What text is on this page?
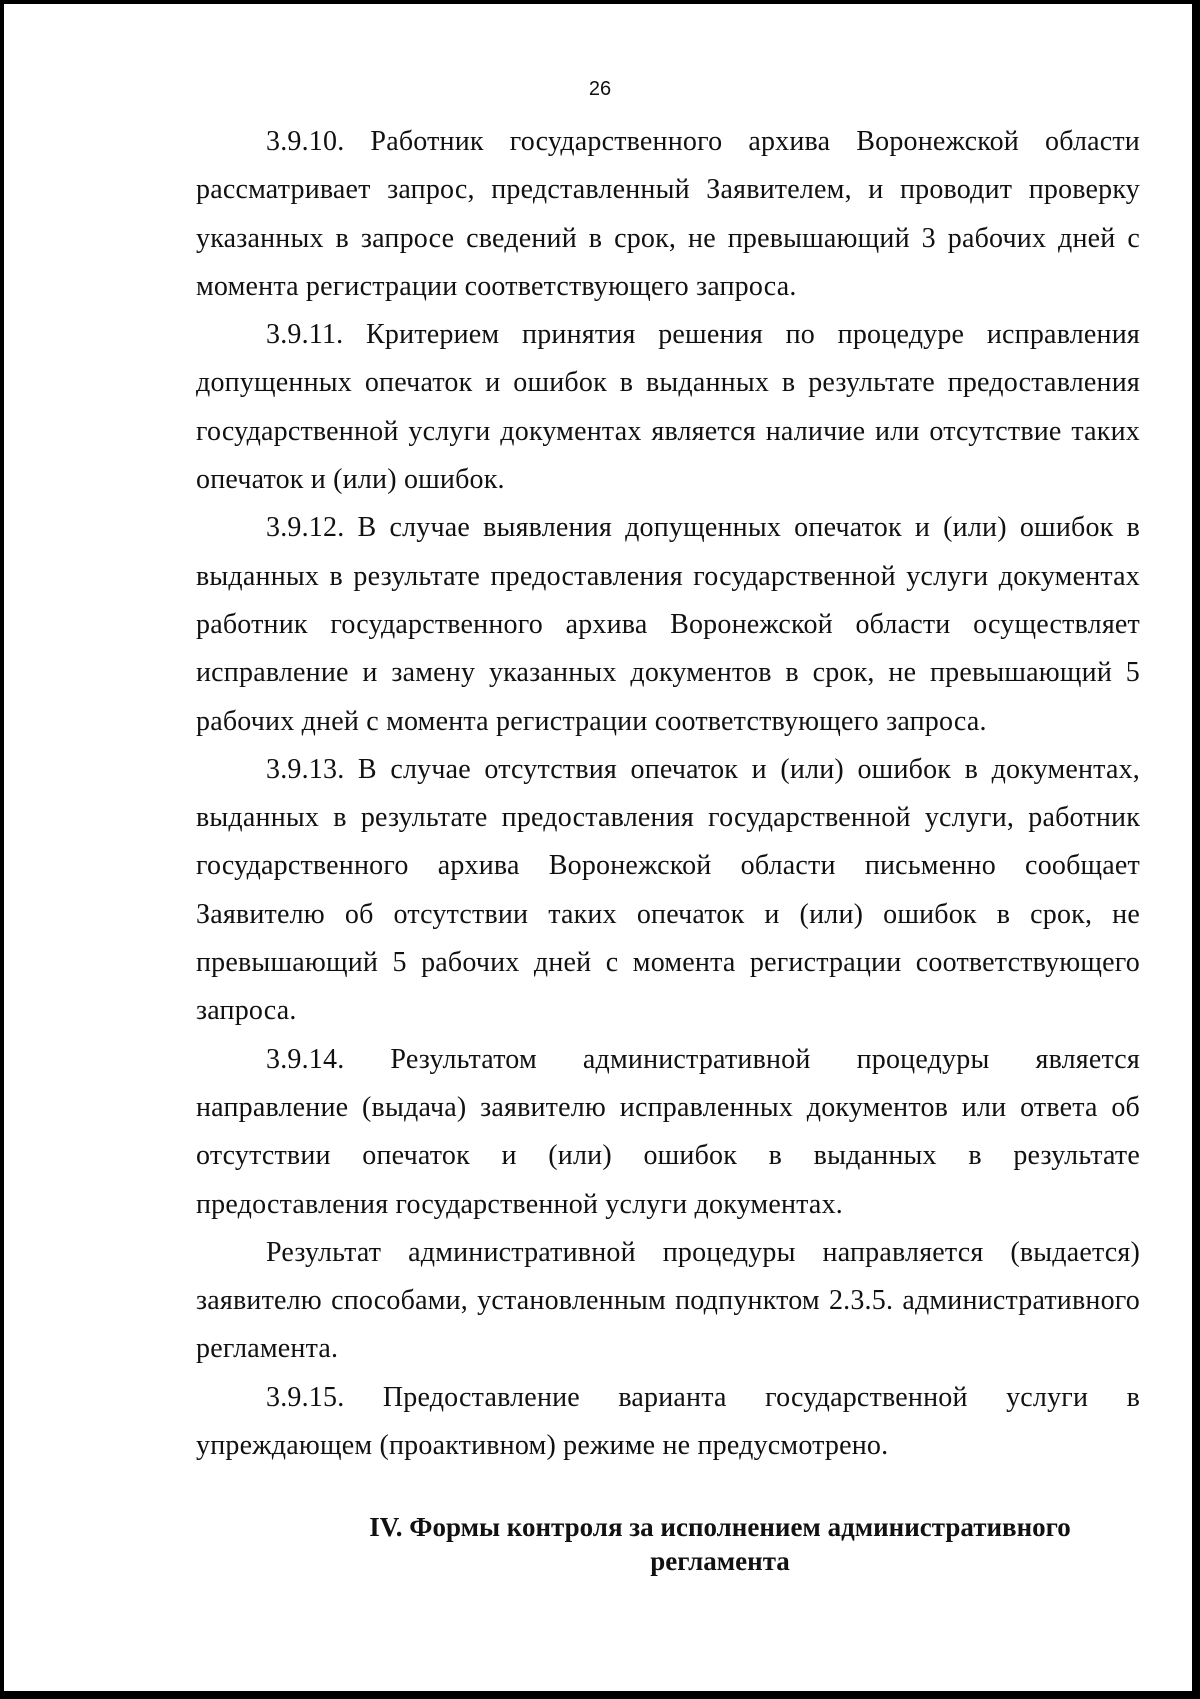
26

3.9.10. Работник государственного архива Воронежской области рассматривает запрос, представленный Заявителем, и проводит проверку указанных в запросе сведений в срок, не превышающий 3 рабочих дней с момента регистрации соответствующего запроса.

3.9.11. Критерием принятия решения по процедуре исправления допущенных опечаток и ошибок в выданных в результате предоставления государственной услуги документах является наличие или отсутствие таких опечаток и (или) ошибок.

3.9.12. В случае выявления допущенных опечаток и (или) ошибок в выданных в результате предоставления государственной услуги документах работник государственного архива Воронежской области осуществляет исправление и замену указанных документов в срок, не превышающий 5 рабочих дней с момента регистрации соответствующего запроса.

3.9.13. В случае отсутствия опечаток и (или) ошибок в документах, выданных в результате предоставления государственной услуги, работник государственного архива Воронежской области письменно сообщает Заявителю об отсутствии таких опечаток и (или) ошибок в срок, не превышающий 5 рабочих дней с момента регистрации соответствующего запроса.

3.9.14. Результатом административной процедуры является направление (выдача) заявителю исправленных документов или ответа об отсутствии опечаток и (или) ошибок в выданных в результате предоставления государственной услуги документах.

Результат административной процедуры направляется (выдается) заявителю способами, установленным подпунктом 2.3.5. административного регламента.

3.9.15. Предоставление варианта государственной услуги в упреждающем (проактивном) режиме не предусмотрено.

IV. Формы контроля за исполнением административного
регламента
